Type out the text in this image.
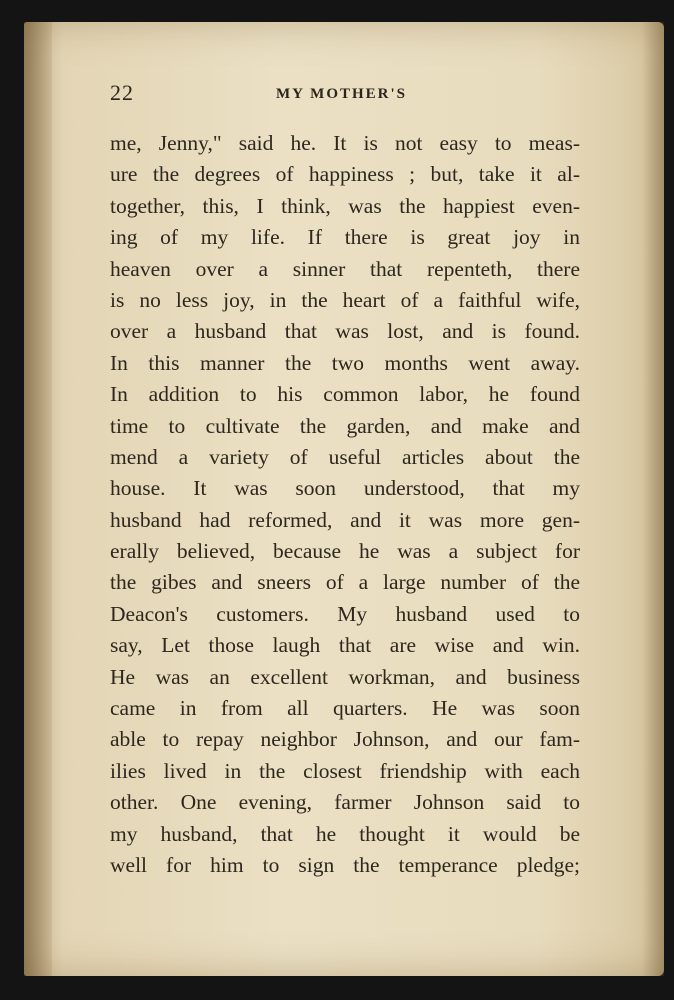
22	MY MOTHER'S
me, Jenny," said he. It is not easy to meas-
ure the degrees of happiness ; but, take it al-
together, this, I think, was the happiest even-
ing of my life. If there is great joy in
heaven over a sinner that repenteth, there
is no less joy, in the heart of a faithful wife,
over a husband that was lost, and is found.
In this manner the two months went away.
In addition to his common labor, he found
time to cultivate the garden, and make and
mend a variety of useful articles about the
house. It was soon understood, that my
husband had reformed, and it was more gen-
erally believed, because he was a subject for
the gibes and sneers of a large number of the
Deacon's customers. My husband used to
say, Let those laugh that are wise and win.
He was an excellent workman, and business
came in from all quarters. He was soon
able to repay neighbor Johnson, and our fam-
ilies lived in the closest friendship with each
other. One evening, farmer Johnson said to
my husband, that he thought it would be
well for him to sign the temperance pledge;
